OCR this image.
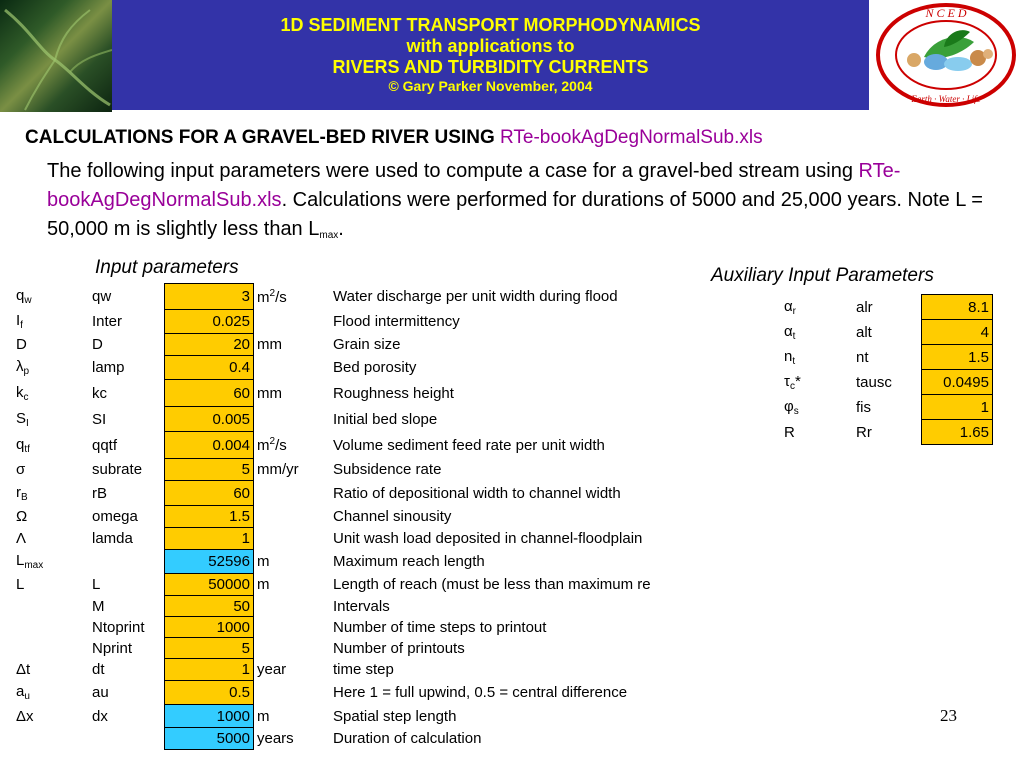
1D SEDIMENT TRANSPORT MORPHODYNAMICS
with applications to
RIVERS AND TURBIDITY CURRENTS
© Gary Parker November, 2004
N C E D
Earth · Water · Life
CALCULATIONS FOR A GRAVEL-BED RIVER USING RTe-bookAgDegNormalSub.xls
The following input parameters were used to compute a case for a gravel-bed stream using RTe-bookAgDegNormalSub.xls. Calculations were performed for durations of 5000 and 25,000 years. Note L = 50,000 m is slightly less than $L_{max}$.
Input parameters	Auxiliary Input Parameters
$q_w$	qw	3	$m^2/s$	Water discharge per unit width during flood
$I_f$	Inter	0.025		Flood intermittency
D	D	20	mm	Grain size
$\lambda_p$	lamp	0.4		Bed porosity
$k_c$	kc	60	mm	Roughness height
$S_I$	SI	0.005		Initial bed slope
$q_{tf}$	qqtf	0.004	$m^2/s$	Volume sediment feed rate per unit width
σ	subrate	5	mm/yr	Subsidence rate
$r_B$	rB	60		Ratio of depositional width to channel width
Ω	omega	1.5		Channel sinousity
Λ	lamda	1		Unit wash load deposited in channel-floodplain
$L_{max}$		52596	m	Maximum reach length
L	L	50000	m	Length of reach (must be less than maximum re
	M	50		Intervals
	Ntoprint	1000		Number of time steps to printout
	Nprint	5		Number of printouts
Δt	dt	1	year	time step
$a_u$	au	0.5		Here 1 = full upwind, 0.5 = central difference
Δx	dx	1000	m	Spatial step length
		5000	years	Duration of calculation
$\alpha_r$	alr	8.1
$\alpha_t$	alt	4
$n_t$	nt	1.5
$\tau_c*$	tausc	0.0495
$\varphi_s$	fis	1
R	Rr	1.65
23
